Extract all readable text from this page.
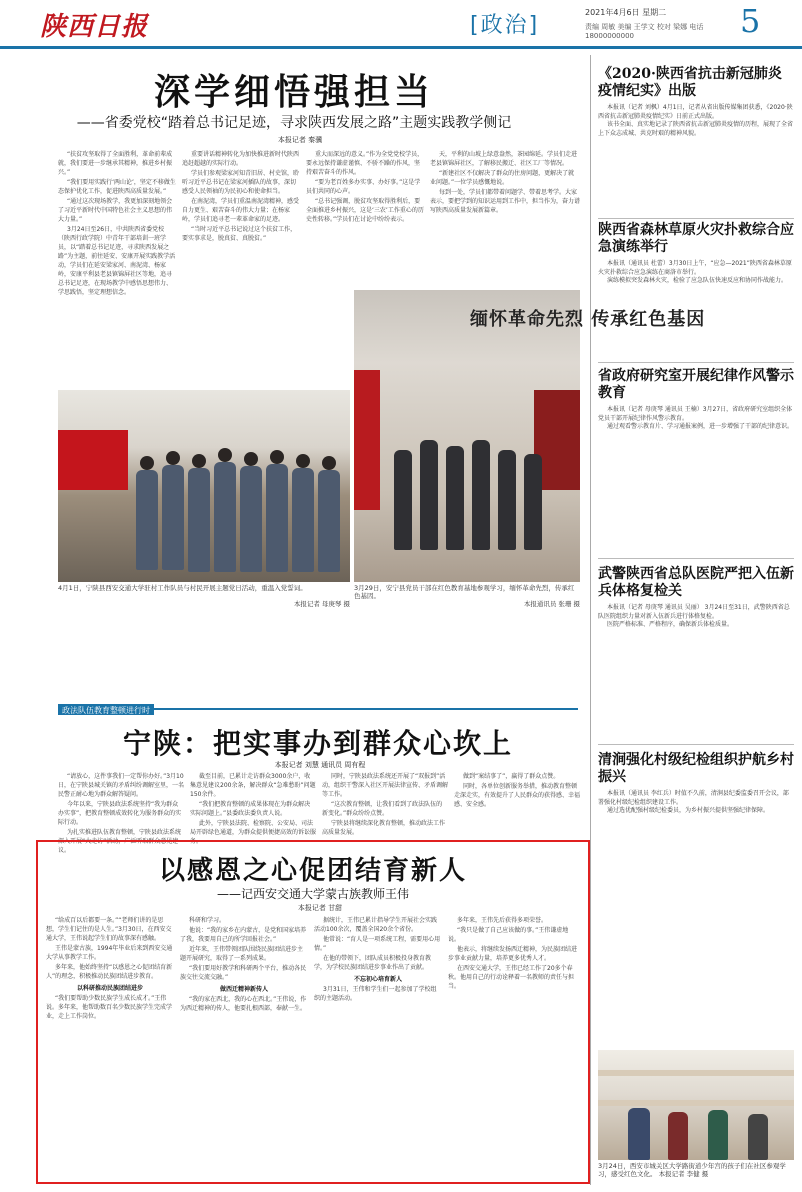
陕西日报	[政治]
2021年4月6日 星期二
责编 周敏 美编 王学文 校对 梁娜 电话 18000000000	5
深学细悟强担当
——省委党校“踏着总书记足迹，寻求陕西发展之路”主题实践教学侧记
本报记者 秦骥

“扶贫攻坚取得了全面胜利，革命前辈成就，我们要进一步继承其精神，推进乡村振兴。”

“我们要用实践行‘两山论’，坚定不移做生态保护优化工作，促进陕西高质量发展。”

“通过这次现场教学，我更加深刻地领会了习近平新时代中国特色社会主义思想的伟大力量。”

3月24日至26日，中共陕西省委党校（陕西行政学院）中青年干部培训一班学员，以“踏着总书记足迹，寻求陕西发展之路”为主题，前往延安、安康开展实践教学活动，学员们在延安梁家河、南泥湾、杨家岭，安康平利县老县镇锦屏社区等地，追寻总书记足迹，在现场教学中感悟思想伟力、学思践悟，坚定理想信念。

重要讲话精神转化为加快推进新时代陕西追赶超越的实际行动。

学员们参观梁家河知青旧居、村史馆，聆听习近平总书记在梁家河插队的故事，深切感受人民领袖的为民初心和使命担当。

在南泥湾，学员们重温南泥湾精神，感受自力更生、艰苦奋斗的伟大力量；在杨家岭，学员们追寻老一辈革命家的足迹。

“当时习近平总书记说过这个扶贫工作，要实事求是，脱真贫、真脱贫。”

重大而深远的意义。”作为全党党校学员，要永远保持谦虚谨慎、不骄不躁的作风，坚持艰苦奋斗的作风。

“要为老百姓多办实事、办好事。”这是学员们共同的心声。

“总书记强调，脱贫攻坚取得胜利后，要全面推进乡村振兴，这是‘三农’工作重心的历史性转移。”学员们在讨论中纷纷表示。

天，平利的山坡上绿意盎然，茶园绵延。学员们走进老县镇锦屏社区，了解移民搬迁、社区工厂等情况。

“新建社区不仅解决了群众的住房问题，更解决了就业问题。”一位学员感慨地说。

每到一处，学员们都带着问题学、带着思考学。大家表示，要把学到的知识运用到工作中，担当作为，奋力谱写陕西高质量发展新篇章。

4月1日，宁陕县西安交通大学驻村工作队员与村民开展主题党日活动，重温入党誓词。
本报记者 母庚琴 摄
缅怀革命先烈 传承红色基因
3月29日，安宁县党员干部在红色教育基地参观学习，缅怀革命先烈，传承红色基因。
本报通讯员 张珊 摄
政法队伍教育整顿进行时
宁陕：把实事办到群众心坎上
本报记者 刘慧 通讯员 周有程

“请放心，这件事我们一定帮你办好。”3月10日，在宁陕县城关镇的矛盾纠纷调解室里，一名民警正耐心地为群众解答疑问。

今年以来，宁陕县政法系统坚持“我为群众办实事”，把教育整顿成效转化为服务群众的实际行动。

为扎实推进队伍教育整顿，宁陕县政法系统深入开展“大走访”活动，广泛听取群众意见建议。

截至目前，已累计走访群众3000余户，收集意见建议200余条，解决群众“急难愁盼”问题150余件。

“我们把教育整顿的成果体现在为群众解决实际问题上。”县委政法委负责人说。

此外，宁陕县法院、检察院、公安局、司法局开辟绿色通道，为群众提供便捷高效的诉讼服务。

同时，宁陕县政法系统还开展了“双报到”活动，组织干警深入社区开展法律宣传、矛盾调解等工作。

“这次教育整顿，让我们看到了政法队伍的新变化。”群众纷纷点赞。

宁陕县将继续深化教育整顿，推动政法工作高质量发展。

做到“案结事了”，赢得了群众点赞。

同时，各单位创新服务举措，推动教育整顿走深走实，有效提升了人民群众的获得感、幸福感、安全感。

以感恩之心促团结育新人
——记西安交通大学蒙古族教师王伟
本报记者 甘甜

“给成百以后都要一条。”“老师们讲的是思想，学生们记住的是人生。”3月30日，在西安交通大学，王伟说起学生们的故事深有感触。

王伟是蒙古族，1994年毕业后来到西安交通大学从事教学工作。

多年来，他始终坚持“以感恩之心促团结育新人”的理念，积极推动民族团结进步教育。

以科研推动民族团结进步

“我们要帮助少数民族学生成长成才。”王伟说。多年来，他帮助数百名少数民族学生完成学业，走上工作岗位。

科研和学习。

他说：“我的家乡在内蒙古，是党和国家培养了我，我要用自己的所学回报社会。”

近年来，王伟带领团队围绕民族团结进步主题开展研究，取得了一系列成果。

“我们要用好教学和科研两个平台，推动各民族交往交流交融。”

做西迁精神新传人

“我的家在西北，我的心在西北。”王伟说，作为西迁精神的传人，他要扎根西部，奉献一生。

据统计，王伟已累计指导学生开展社会实践活动100余次，覆盖全国20余个省份。

他常说：“育人是一项系统工程，需要用心用情。”

在他的带领下，团队成员积极投身教育教学，为学校民族团结进步事业作出了贡献。

不忘初心培育新人

3月31日，王伟和学生们一起参加了学校组织的主题活动。

多年来，王伟先后获得多项荣誉。

“我只是做了自己应该做的事。”王伟谦虚地说。

他表示，将继续发扬西迁精神，为民族团结进步事业贡献力量，培养更多优秀人才。

在西安交通大学，王伟已经工作了20多个春秋。他用自己的行动诠释着一名教师的责任与担当。

《2020·陕西省抗击新冠肺炎疫情纪实》出版

本报讯（记者 刘枫）4月1日，记者从省出版传媒集团获悉，《2020·陕西省抗击新冠肺炎疫情纪实》日前正式出版。

该书全面、真实地记录了陕西省抗击新冠肺炎疫情的历程，展现了全省上下众志成城、共克时艰的精神风貌。

陕西省森林草原火灾扑救综合应急演练举行

本报讯（通讯员 杜蕾）3月30日上午，“应急—2021”陕西省森林草原火灾扑救综合应急演练在商洛市举行。

演练模拟突发森林火灾，检验了应急队伍快速反应和协同作战能力。

省政府研究室开展纪律作风警示教育

本报讯（记者 母庚琴 通讯员 王楠）3月27日，省政府研究室组织全体党员干部开展纪律作风警示教育。

通过观看警示教育片、学习通报案例，进一步增强了干部的纪律意识。

武警陕西省总队医院严把入伍新兵体格复检关

本报讯（记者 母庚琴 通讯员 吴丽） 3月24日至31日，武警陕西省总队医院组织力量对新入伍新兵进行体格复检。

医院严格标准、严格程序，确保新兵体检质量。

清涧强化村级纪检组织护航乡村振兴

本报讯（通讯员 李红兵）时值不久前，清涧县纪委监委召开会议，部署强化村级纪检组织建设工作。

通过选优配强村级纪检委员，为乡村振兴提供坚强纪律保障。

3月24日，西安市城关区大学路街道少年宫的孩子们在社区参观学习，感受红色文化。 本报记者 李健 摄
